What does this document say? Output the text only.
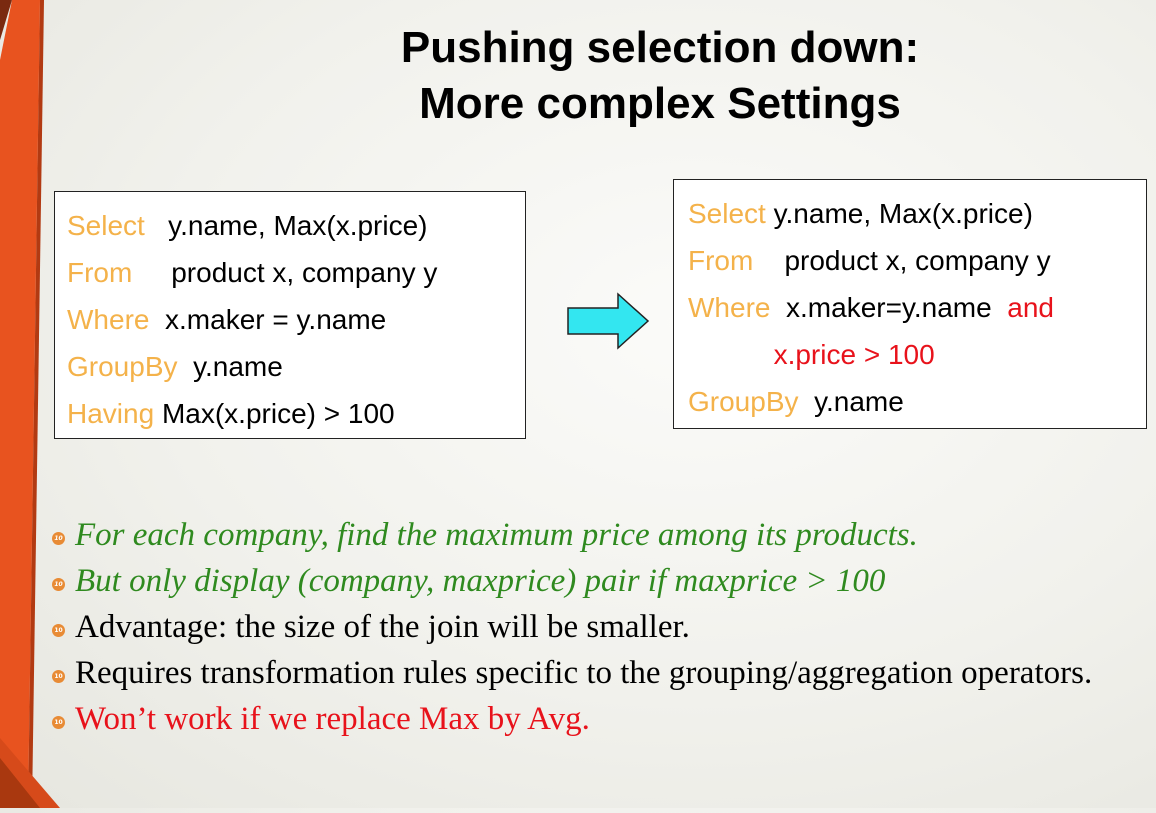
Pushing selection down:
More complex Settings
Select y.name, Max(x.price)
From product x, company y
Where x.maker = y.name
GroupBy y.name
Having Max(x.price) > 100
Select y.name, Max(x.price)
From product x, company y
Where x.maker=y.name and
x.price > 100
GroupBy y.name
10 For each company, find the maximum price among its products.
10 But only display (company, maxprice) pair if maxprice > 100
10 Advantage: the size of the join will be smaller.
10 Requires transformation rules specific to the grouping/aggregation operators.
10 Won’t work if we replace Max by Avg.
